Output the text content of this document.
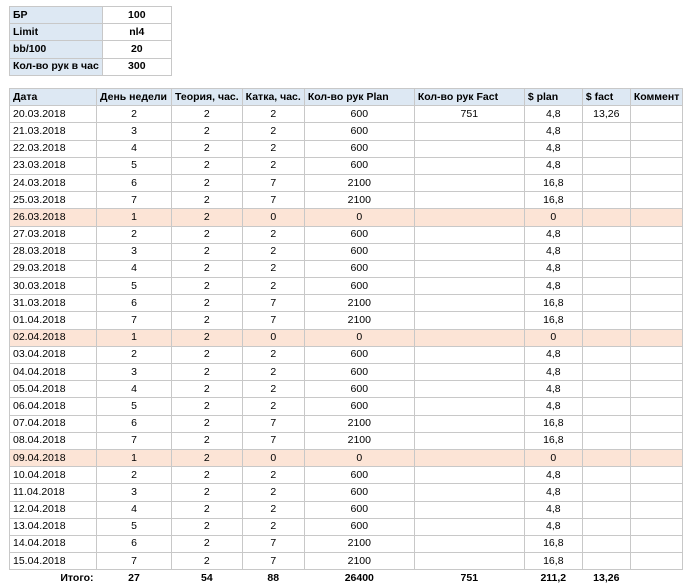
БР	100
Limit	nl4
bb/100	20
Кол-во рук в час	300
Дата	День недели	Теория, час.	Катка, час.	Кол-во рук Plan	Кол-во рук Fact	$ plan	$ fact	Коммент
20.03.2018	2	2	2	600	751	4,8	13,26	
21.03.2018	3	2	2	600		4,8		
22.03.2018	4	2	2	600		4,8		
23.03.2018	5	2	2	600		4,8		
24.03.2018	6	2	7	2100		16,8		
25.03.2018	7	2	7	2100		16,8		
26.03.2018	1	2	0	0		0		
27.03.2018	2	2	2	600		4,8		
28.03.2018	3	2	2	600		4,8		
29.03.2018	4	2	2	600		4,8		
30.03.2018	5	2	2	600		4,8		
31.03.2018	6	2	7	2100		16,8		
01.04.2018	7	2	7	2100		16,8		
02.04.2018	1	2	0	0		0		
03.04.2018	2	2	2	600		4,8		
04.04.2018	3	2	2	600		4,8		
05.04.2018	4	2	2	600		4,8		
06.04.2018	5	2	2	600		4,8		
07.04.2018	6	2	7	2100		16,8		
08.04.2018	7	2	7	2100		16,8		
09.04.2018	1	2	0	0		0		
10.04.2018	2	2	2	600		4,8		
11.04.2018	3	2	2	600		4,8		
12.04.2018	4	2	2	600		4,8		
13.04.2018	5	2	2	600		4,8		
14.04.2018	6	2	7	2100		16,8		
15.04.2018	7	2	7	2100		16,8		
Итого:	27	54	88	26400	751	211,2	13,26	
